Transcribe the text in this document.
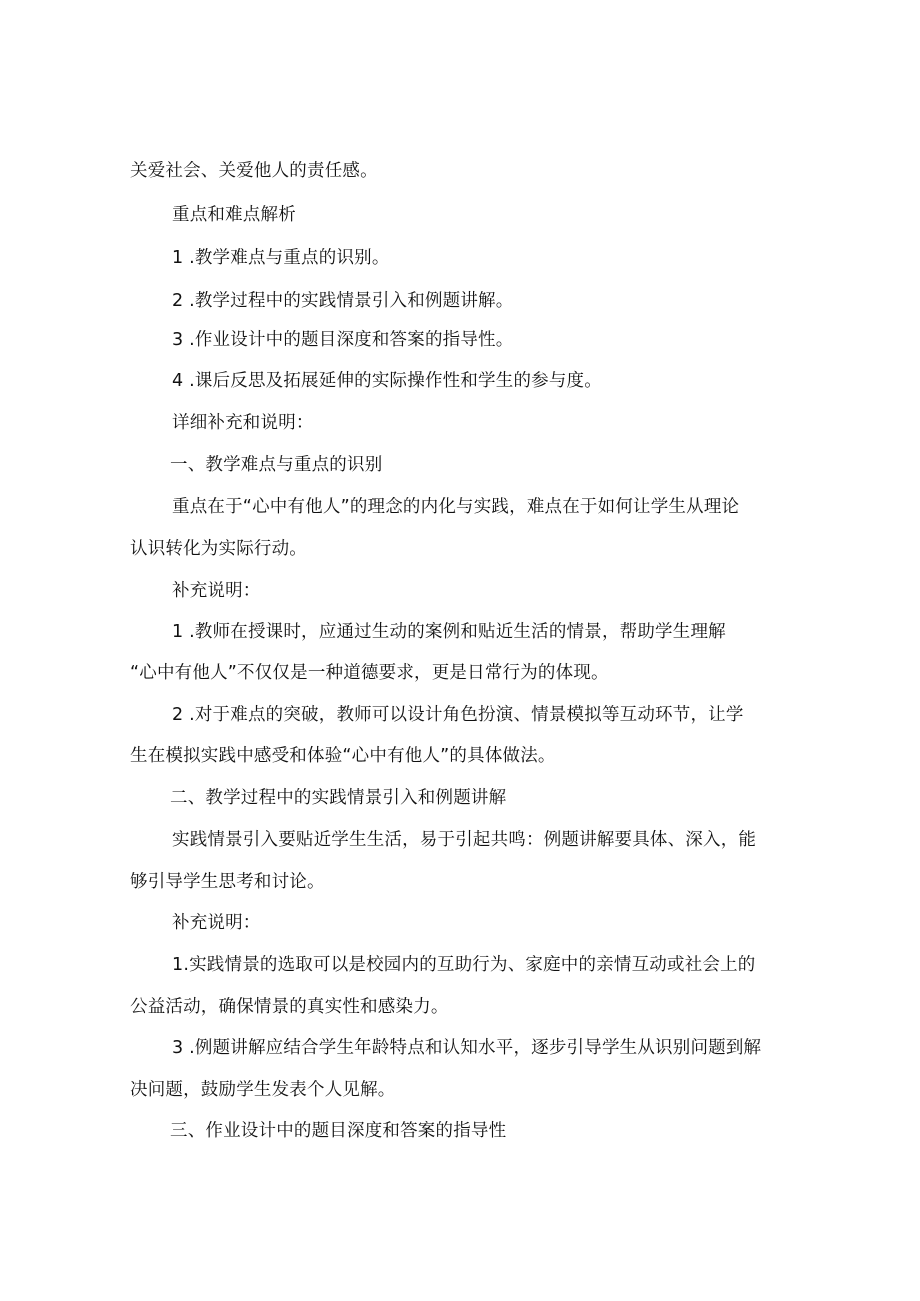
关爱社会、关爱他人的责任感。
重点和难点解析
1 .教学难点与重点的识别。
2 .教学过程中的实践情景引入和例题讲解。
3 .作业设计中的题目深度和答案的指导性。
4 .课后反思及拓展延伸的实际操作性和学生的参与度。
详细补充和说明：
一、教学难点与重点的识别
重点在于“心中有他人”的理念的内化与实践，难点在于如何让学生从理论
认识转化为实际行动。
补充说明：
1 .教师在授课时，应通过生动的案例和贴近生活的情景，帮助学生理解
“心中有他人”不仅仅是一种道德要求，更是日常行为的体现。
2 .对于难点的突破，教师可以设计角色扮演、情景模拟等互动环节，让学
生在模拟实践中感受和体验“心中有他人”的具体做法。
二、教学过程中的实践情景引入和例题讲解
实践情景引入要贴近学生生活，易于引起共鸣：例题讲解要具体、深入，能
够引导学生思考和讨论。
补充说明：
1.实践情景的选取可以是校园内的互助行为、家庭中的亲情互动或社会上的
公益活动，确保情景的真实性和感染力。
3 .例题讲解应结合学生年龄特点和认知水平，逐步引导学生从识别问题到解
决问题，鼓励学生发表个人见解。
三、作业设计中的题目深度和答案的指导性
